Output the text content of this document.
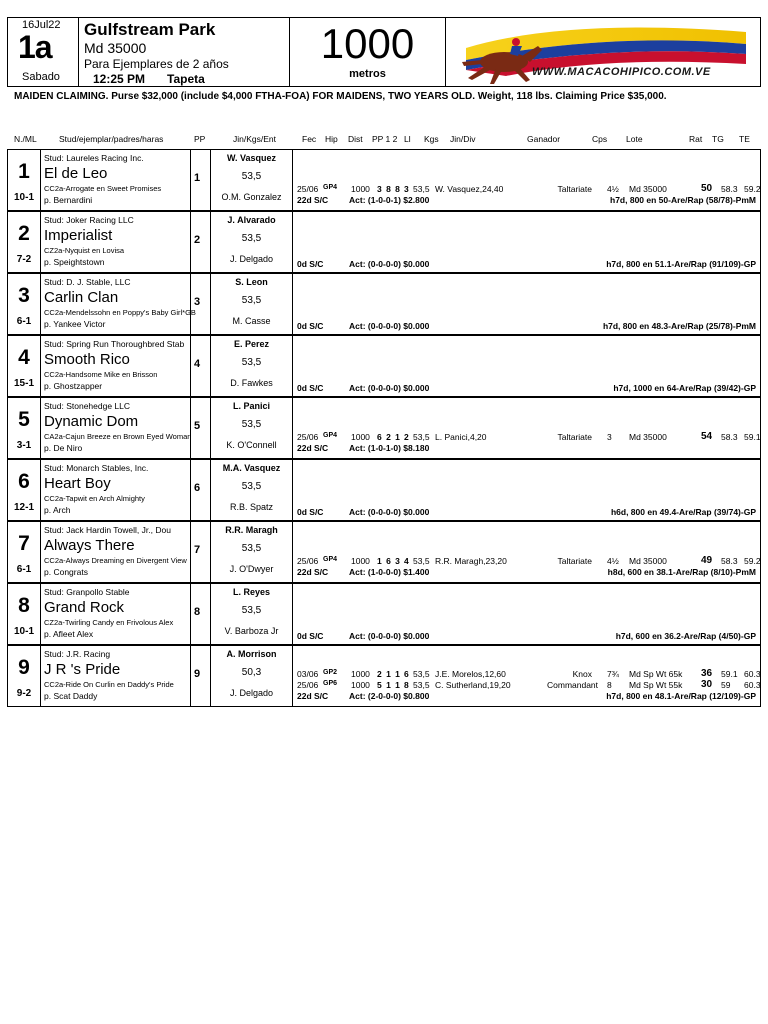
16Jul22
1a
Sabado
Gulfstream Park
Md 35000
Para Ejemplares de 2 años
12:25 PM Tapeta
1000
metros	WWW.MACACOHIPICO.COM.VE
MAIDEN CLAIMING. Purse $32,000 (include $4,000 FTHA-FOA) FOR MAIDENS, TWO YEARS OLD. Weight, 118 lbs. Claiming Price $35,000.
N./ML	Stud/ejemplar/padres/haras	PP	Jin/Kgs/Ent	Fec Hip Dist PP 1 2 Ll Kgs Jin/Div	Ganador	Cps Lote	Rat TG TE
1
10-1
Stud: Laureles Racing Inc.
El de Leo
CC2a-Arrogate en Sweet Promises
p. Bernardini
1
W. Vasquez
53,5
O.M. Gonzalez
25/06 GP4 1000 3 8 8 3 53,5 W. Vasquez,24,40	Taltariate 4½ Md 35000	50 58.3 59.2
22d S/C Act: (1-0-0-1) $2.800	h7d, 800 en 50-Are/Rap (58/78)-PmM
2
7-2
Stud: Joker Racing LLC
Imperialist
CZ2a-Nyquist en Lovisa
p. Speightstown
2
J. Alvarado
53,5
J. Delgado	0d S/C	Act: (0-0-0-0) $0.000	h7d, 800 en 51.1-Are/Rap (91/109)-GP
3
6-1
Stud: D. J. Stable, LLC
Carlin Clan
CC2a-Mendelssohn en Poppy's Baby Girl*GB
p. Yankee Victor
3
S. Leon
53,5
M. Casse	0d S/C	Act: (0-0-0-0) $0.000	h7d, 800 en 48.3-Are/Rap (25/78)-PmM
4
15-1
Stud: Spring Run Thoroughbred Stab
Smooth Rico
CC2a-Handsome Mike en Brisson
p. Ghostzapper
4
E. Perez
53,5
D. Fawkes	0d S/C	Act: (0-0-0-0) $0.000	h7d, 1000 en 64-Are/Rap (39/42)-GP
5
3-1
Stud: Stonehedge LLC
Dynamic Dom
CA2a-Cajun Breeze en Brown Eyed Woman
p. De Niro
5
L. Panici
53,5
K. O'Connell
25/06 GP4 1000 6 2 1 2 53,5 L. Panici,4,20	Taltariate 3 Md 35000	54 58.3 59.1
22d S/C Act: (1-0-1-0) $8.180
6
12-1
Stud: Monarch Stables, Inc.
Heart Boy
CC2a-Tapwit en Arch Almighty
p. Arch
6
M.A. Vasquez
53,5
R.B. Spatz	0d S/C	Act: (0-0-0-0) $0.000	h6d, 800 en 49.4-Are/Rap (39/74)-GP
7
6-1
Stud: Jack Hardin Towell, Jr., Dou
Always There
CC2a-Always Dreaming en Divergent View
p. Congrats
7
R.R. Maragh
53,5
J. O'Dwyer
25/06 GP4 1000 1 6 3 4 53,5 R.R. Maragh,23,20	Taltariate 4½ Md 35000	49 58.3 59.2
22d S/C Act: (1-0-0-0) $1.400	h8d, 600 en 38.1-Are/Rap (8/10)-PmM
8
10-1
Stud: Granpollo Stable
Grand Rock
CZ2a-Twirling Candy en Frivolous Alex
p. Afleet Alex
8
L. Reyes
53,5
V. Barboza Jr	0d S/C	Act: (0-0-0-0) $0.000	h7d, 600 en 36.2-Are/Rap (4/50)-GP
9
9-2
Stud: J.R. Racing
J R 's Pride
CC2a-Ride On Curlin en Daddy's Pride
p. Scat Daddy
9
A. Morrison
50,3
J. Delgado
03/06 GP2 1000 2 1 1 6 53,5 J.E. Morelos,12,60	Knox 7¾ Md Sp Wt 65k 36 59.1 60.3
25/06 GP6 1000 5 1 1 8 53,5 C. Sutherland,19,20	Commandant 8 Md Sp Wt 55k 30 59 60.3
22d S/C Act: (2-0-0-0) $0.800	h7d, 800 en 48.1-Are/Rap (12/109)-GP
